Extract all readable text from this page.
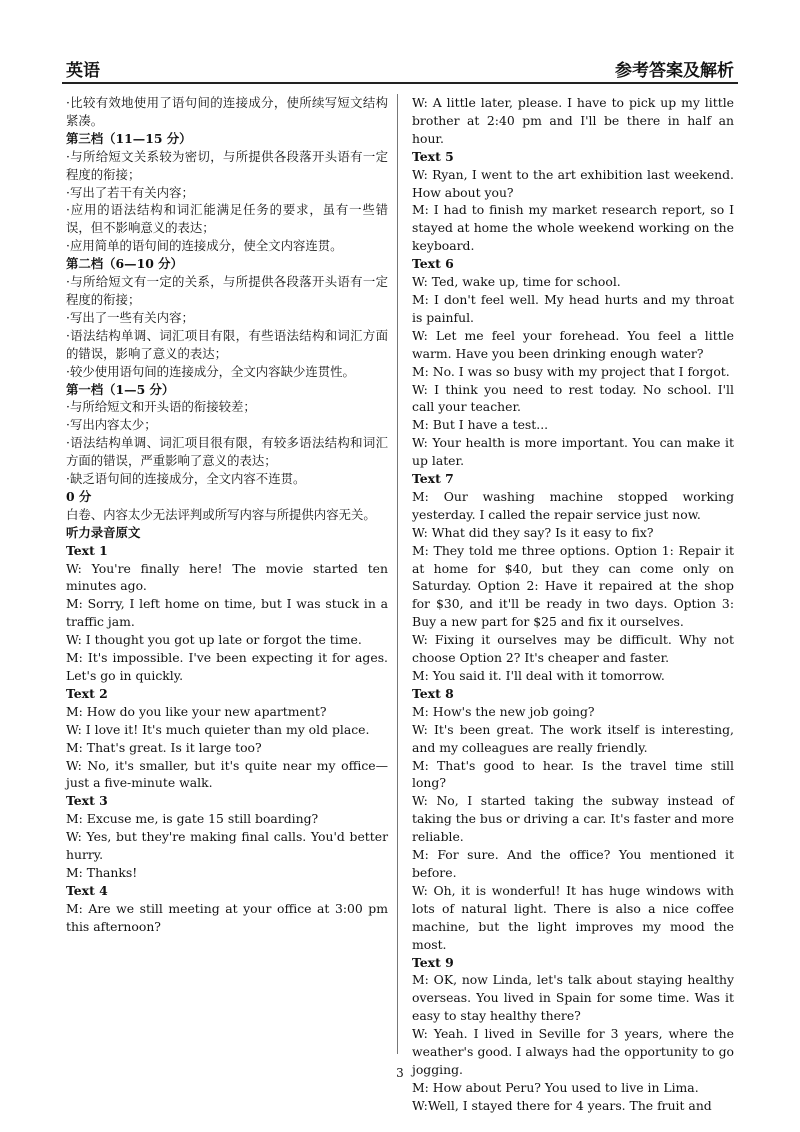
英语	参考答案及解析

·比较有效地使用了语句间的连接成分，使所续写短文结构紧凑。

第三档（11—15 分）

·与所给短文关系较为密切，与所提供各段落开头语有一定程度的衔接；

·写出了若干有关内容；

·应用的语法结构和词汇能满足任务的要求，虽有一些错误，但不影响意义的表达；

·应用简单的语句间的连接成分，使全文内容连贯。

第二档（6—10 分）

·与所给短文有一定的关系，与所提供各段落开头语有一定程度的衔接；

·写出了一些有关内容；

·语法结构单调、词汇项目有限，有些语法结构和词汇方面的错误，影响了意义的表达；

·较少使用语句间的连接成分，全文内容缺少连贯性。

第一档（1—5 分）

·与所给短文和开头语的衔接较差；

·写出内容太少；

·语法结构单调、词汇项目很有限，有较多语法结构和词汇方面的错误，严重影响了意义的表达；

·缺乏语句间的连接成分，全文内容不连贯。

0 分

白卷、内容太少无法评判或所写内容与所提供内容无关。

听力录音原文

Text 1

W: You're finally here! The movie started ten minutes ago.

M: Sorry, I left home on time, but I was stuck in a traffic jam.

W: I thought you got up late or forgot the time.

M: It's impossible. I've been expecting it for ages. Let's go in quickly.

Text 2

M: How do you like your new apartment?

W: I love it! It's much quieter than my old place.

M: That's great. Is it large too?

W: No, it's smaller, but it's quite near my office—just a five-minute walk.

Text 3

M: Excuse me, is gate 15 still boarding?

W: Yes, but they're making final calls. You'd better hurry.

M: Thanks!

Text 4

M: Are we still meeting at your office at 3:00 pm this afternoon?

W: A little later, please. I have to pick up my little brother at 2:40 pm and I'll be there in half an hour.

Text 5

W: Ryan, I went to the art exhibition last weekend. How about you?

M: I had to finish my market research report, so I stayed at home the whole weekend working on the keyboard.

Text 6

W: Ted, wake up, time for school.

M: I don't feel well. My head hurts and my throat is painful.

W: Let me feel your forehead. You feel a little warm. Have you been drinking enough water?

M: No. I was so busy with my project that I forgot.

W: I think you need to rest today. No school. I'll call your teacher.

M: But I have a test...

W: Your health is more important. You can make it up later.

Text 7

M: Our washing machine stopped working yesterday. I called the repair service just now.

W: What did they say? Is it easy to fix?

M: They told me three options. Option 1: Repair it at home for $40, but they can come only on Saturday. Option 2: Have it repaired at the shop for $30, and it'll be ready in two days. Option 3: Buy a new part for $25 and fix it ourselves.

W: Fixing it ourselves may be difficult. Why not choose Option 2? It's cheaper and faster.

M: You said it. I'll deal with it tomorrow.

Text 8

M: How's the new job going?

W: It's been great. The work itself is interesting, and my colleagues are really friendly.

M: That's good to hear. Is the travel time still long?

W: No, I started taking the subway instead of taking the bus or driving a car. It's faster and more reliable.

M: For sure. And the office? You mentioned it before.

W: Oh, it is wonderful! It has huge windows with lots of natural light. There is also a nice coffee machine, but the light improves my mood the most.

Text 9

M: OK, now Linda, let's talk about staying healthy overseas. You lived in Spain for some time. Was it easy to stay healthy there?

W: Yeah. I lived in Seville for 3 years, where the weather's good. I always had the opportunity to go jogging.

M: How about Peru? You used to live in Lima.

W:Well, I stayed there for 4 years. The fruit and

3
